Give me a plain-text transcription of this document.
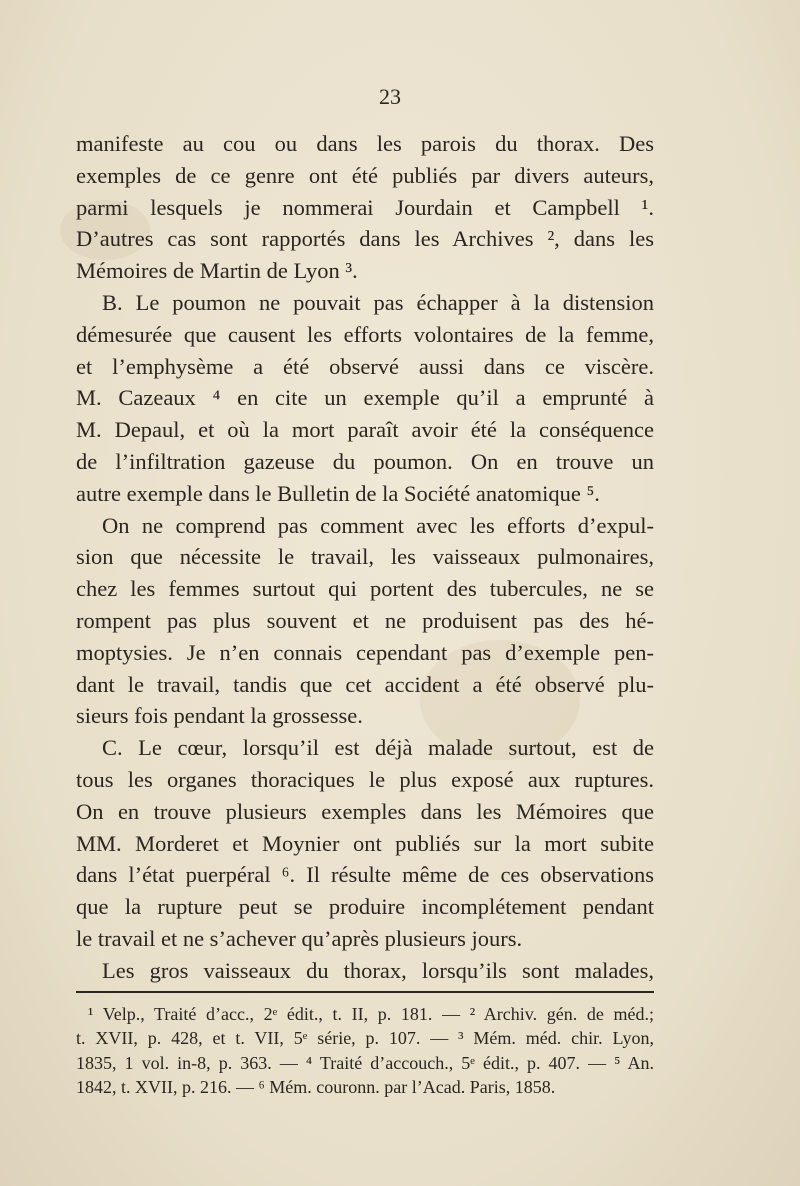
23
manifeste au cou ou dans les parois du thorax. Des
exemples de ce genre ont été publiés par divers auteurs,
parmi lesquels je nommerai Jourdain et Campbell ¹.
D’autres cas sont rapportés dans les Archives ², dans les
Mémoires de Martin de Lyon ³.
B. Le poumon ne pouvait pas échapper à la distension
démesurée que causent les efforts volontaires de la femme,
et l’emphysème a été observé aussi dans ce viscère.
M. Cazeaux ⁴ en cite un exemple qu’il a emprunté à
M. Depaul, et où la mort paraît avoir été la conséquence
de l’infiltration gazeuse du poumon. On en trouve un
autre exemple dans le Bulletin de la Société anatomique ⁵.
On ne comprend pas comment avec les efforts d’expul-
sion que nécessite le travail, les vaisseaux pulmonaires,
chez les femmes surtout qui portent des tubercules, ne se
rompent pas plus souvent et ne produisent pas des hé-
moptysies. Je n’en connais cependant pas d’exemple pen-
dant le travail, tandis que cet accident a été observé plu-
sieurs fois pendant la grossesse.
C. Le cœur, lorsqu’il est déjà malade surtout, est de
tous les organes thoraciques le plus exposé aux ruptures.
On en trouve plusieurs exemples dans les Mémoires que
MM. Morderet et Moynier ont publiés sur la mort subite
dans l’état puerpéral ⁶. Il résulte même de ces observations
que la rupture peut se produire incomplétement pendant
le travail et ne s’achever qu’après plusieurs jours.
Les gros vaisseaux du thorax, lorsqu’ils sont malades,
¹ Velp., Traité d’acc., 2ᵉ édit., t. II, p. 181. — ² Archiv. gén. de méd.;
t. XVII, p. 428, et t. VII, 5ᵉ série, p. 107. — ³ Mém. méd. chir. Lyon,
1835, 1 vol. in-8, p. 363. — ⁴ Traité d’accouch., 5ᵉ édit., p. 407. — ⁵ An.
1842, t. XVII, p. 216. — ⁶ Mém. couronn. par l’Acad. Paris, 1858.
